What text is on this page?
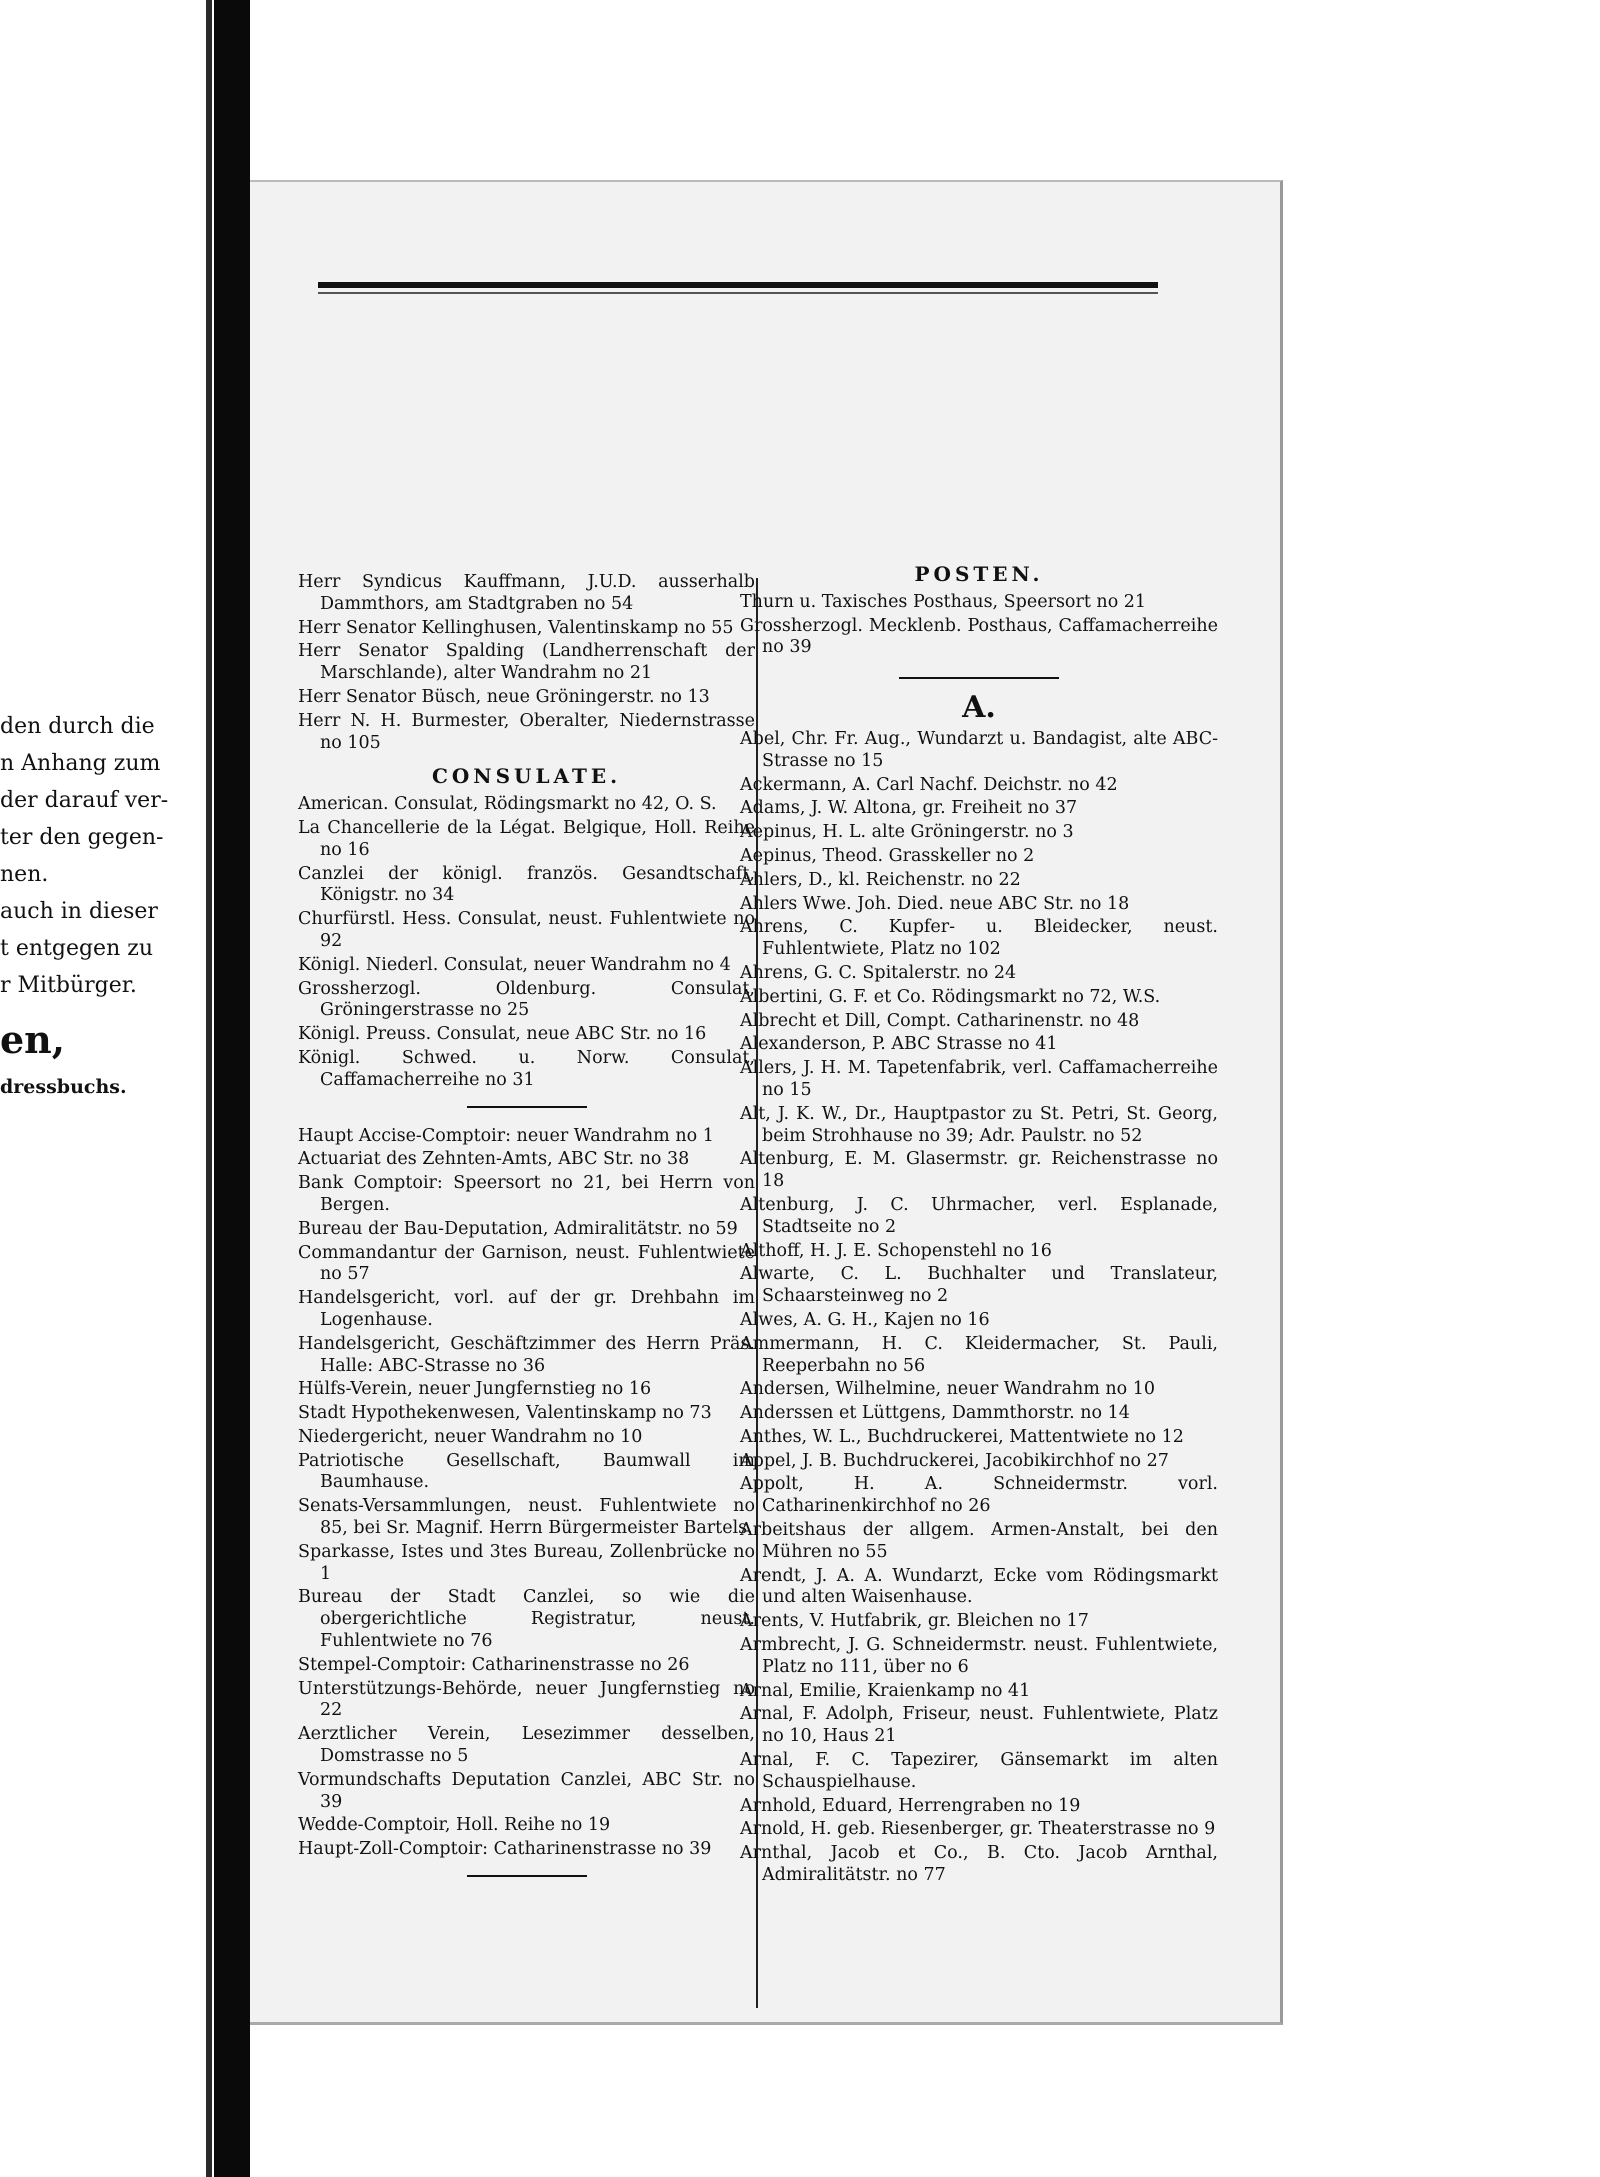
den durch die
n Anhang zum
der darauf ver-
ter den gegen-
nen.
auch in dieser
t entgegen zu
r Mitbürger.
en,
dressbuchs.

Herr Syndicus Kauffmann, J.U.D. ausserhalb Dammthors, am Stadtgraben no 54

Herr Senator Kellinghusen, Valentinskamp no 55

Herr Senator Spalding (Landherrenschaft der Marschlande), alter Wandrahm no 21

Herr Senator Büsch, neue Gröningerstr. no 13

Herr N. H. Burmester, Oberalter, Niedernstrasse no 105

CONSULATE.

American. Consulat, Rödingsmarkt no 42, O. S.

La Chancellerie de la Légat. Belgique, Holl. Reihe no 16

Canzlei der königl. französ. Gesandtschaft, Königstr. no 34

Churfürstl. Hess. Consulat, neust. Fuhlentwiete no 92

Königl. Niederl. Consulat, neuer Wandrahm no 4

Grossherzogl. Oldenburg. Consulat, Gröningerstrasse no 25

Königl. Preuss. Consulat, neue ABC Str. no 16

Königl. Schwed. u. Norw. Consulat, Caffamacherreihe no 31

Haupt Accise-Comptoir: neuer Wandrahm no 1

Actuariat des Zehnten-Amts, ABC Str. no 38

Bank Comptoir: Speersort no 21, bei Herrn von Bergen.

Bureau der Bau-Deputation, Admiralitätstr. no 59

Commandantur der Garnison, neust. Fuhlentwiete no 57

Handelsgericht, vorl. auf der gr. Drehbahn im Logenhause.

Handelsgericht, Geschäftzimmer des Herrn Präs. Halle: ABC-Strasse no 36

Hülfs-Verein, neuer Jungfernstieg no 16

Stadt Hypothekenwesen, Valentinskamp no 73

Niedergericht, neuer Wandrahm no 10

Patriotische Gesellschaft, Baumwall im Baumhause.

Senats-Versammlungen, neust. Fuhlentwiete no 85, bei Sr. Magnif. Herrn Bürgermeister Bartels.

Sparkasse, Istes und 3tes Bureau, Zollenbrücke no 1

Bureau der Stadt Canzlei, so wie die obergerichtliche Registratur, neust. Fuhlentwiete no 76

Stempel-Comptoir: Catharinenstrasse no 26

Unterstützungs-Behörde, neuer Jungfernstieg no 22

Aerztlicher Verein, Lesezimmer desselben, Domstrasse no 5

Vormundschafts Deputation Canzlei, ABC Str. no 39

Wedde-Comptoir, Holl. Reihe no 19

Haupt-Zoll-Comptoir: Catharinenstrasse no 39

POSTEN.

Thurn u. Taxisches Posthaus, Speersort no 21

Grossherzogl. Mecklenb. Posthaus, Caffamacherreihe no 39

A.

Abel, Chr. Fr. Aug., Wundarzt u. Bandagist, alte ABC-Strasse no 15

Ackermann, A. Carl Nachf. Deichstr. no 42

Adams, J. W. Altona, gr. Freiheit no 37

Aepinus, H. L. alte Gröningerstr. no 3

Aepinus, Theod. Grasskeller no 2

Ahlers, D., kl. Reichenstr. no 22

Ahlers Wwe. Joh. Died. neue ABC Str. no 18

Ahrens, C. Kupfer- u. Bleidecker, neust. Fuhlentwiete, Platz no 102

Ahrens, G. C. Spitalerstr. no 24

Albertini, G. F. et Co. Rödingsmarkt no 72, W.S.

Albrecht et Dill, Compt. Catharinenstr. no 48

Alexanderson, P. ABC Strasse no 41

Allers, J. H. M. Tapetenfabrik, verl. Caffamacherreihe no 15

Alt, J. K. W., Dr., Hauptpastor zu St. Petri, St. Georg, beim Strohhause no 39; Adr. Paulstr. no 52

Altenburg, E. M. Glasermstr. gr. Reichenstrasse no 18

Altenburg, J. C. Uhrmacher, verl. Esplanade, Stadtseite no 2

Althoff, H. J. E. Schopenstehl no 16

Alwarte, C. L. Buchhalter und Translateur, Schaarsteinweg no 2

Alwes, A. G. H., Kajen no 16

Ammermann, H. C. Kleidermacher, St. Pauli, Reeperbahn no 56

Andersen, Wilhelmine, neuer Wandrahm no 10

Anderssen et Lüttgens, Dammthorstr. no 14

Anthes, W. L., Buchdruckerei, Mattentwiete no 12

Appel, J. B. Buchdruckerei, Jacobikirchhof no 27

Appolt, H. A. Schneidermstr. vorl. Catharinenkirchhof no 26

Arbeitshaus der allgem. Armen-Anstalt, bei den Mühren no 55

Arendt, J. A. A. Wundarzt, Ecke vom Rödingsmarkt und alten Waisenhause.

Arents, V. Hutfabrik, gr. Bleichen no 17

Armbrecht, J. G. Schneidermstr. neust. Fuhlentwiete, Platz no 111, über no 6

Arnal, Emilie, Kraienkamp no 41

Arnal, F. Adolph, Friseur, neust. Fuhlentwiete, Platz no 10, Haus 21

Arnal, F. C. Tapezirer, Gänsemarkt im alten Schauspielhause.

Arnhold, Eduard, Herrengraben no 19

Arnold, H. geb. Riesenberger, gr. Theaterstrasse no 9

Arnthal, Jacob et Co., B. Cto. Jacob Arnthal, Admiralitätstr. no 77
